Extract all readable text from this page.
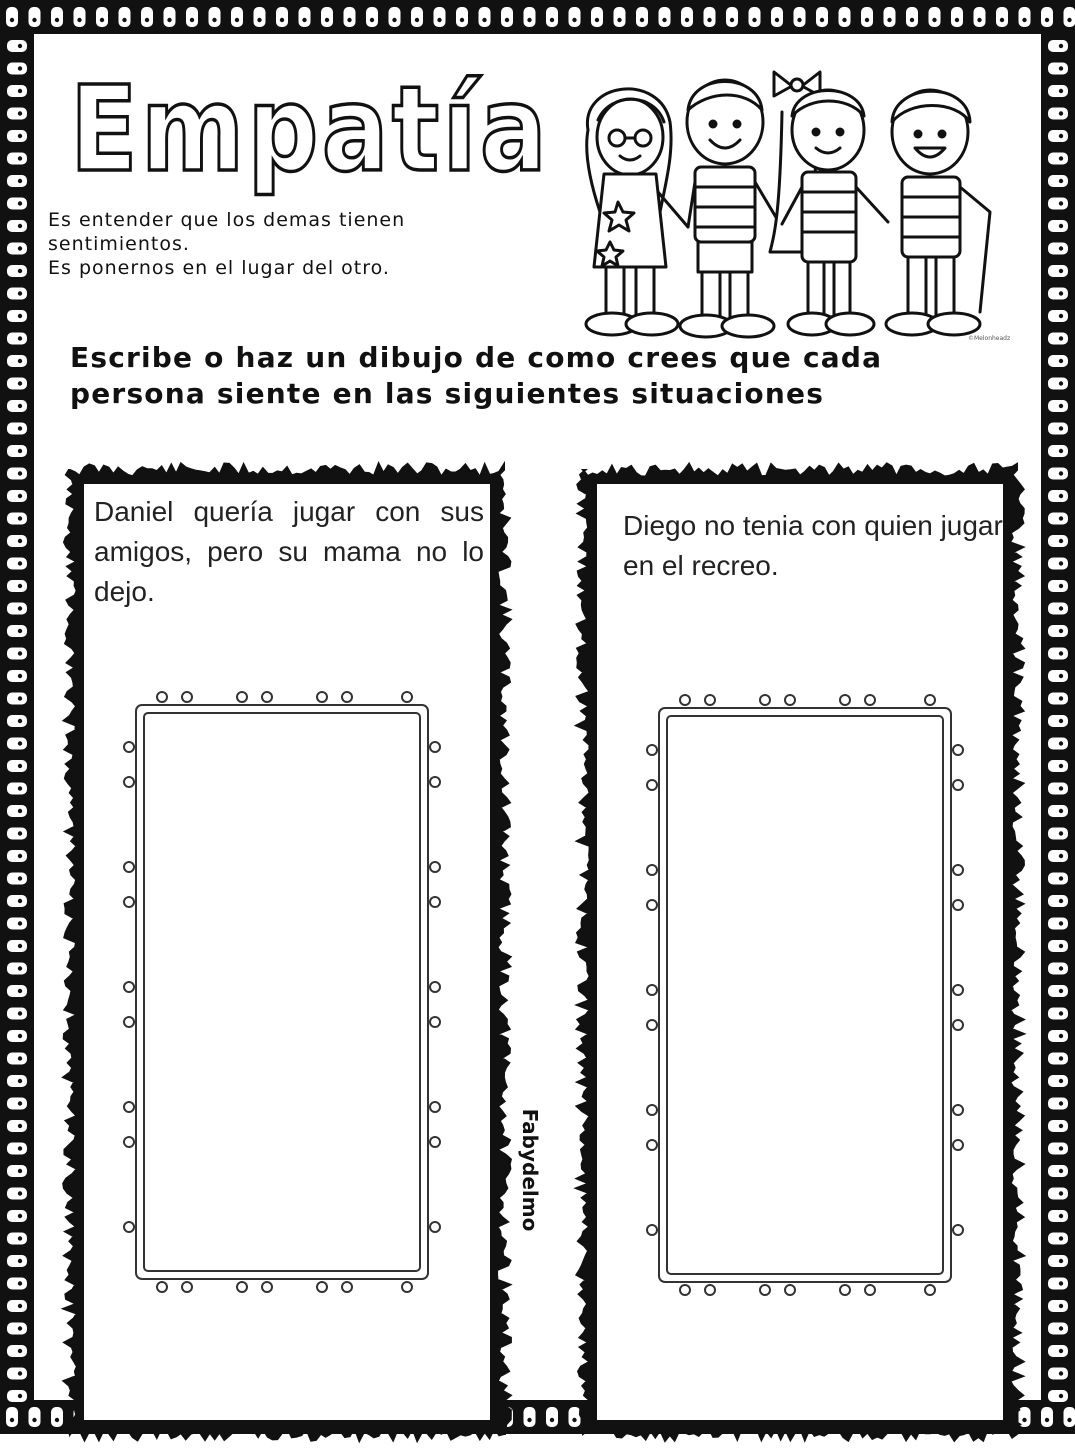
Empatía
Es entender que los demas tienen
sentimientos.
Es ponernos en el lugar del otro.
©Melonheadz
Escribe o haz un dibujo de como crees que cada
persona siente en las siguientes situaciones
Daniel quería jugar con sus amigos, pero su mama no lo dejo.
Diego no tenia con quien jugar en el recreo.
Fabydelmo
